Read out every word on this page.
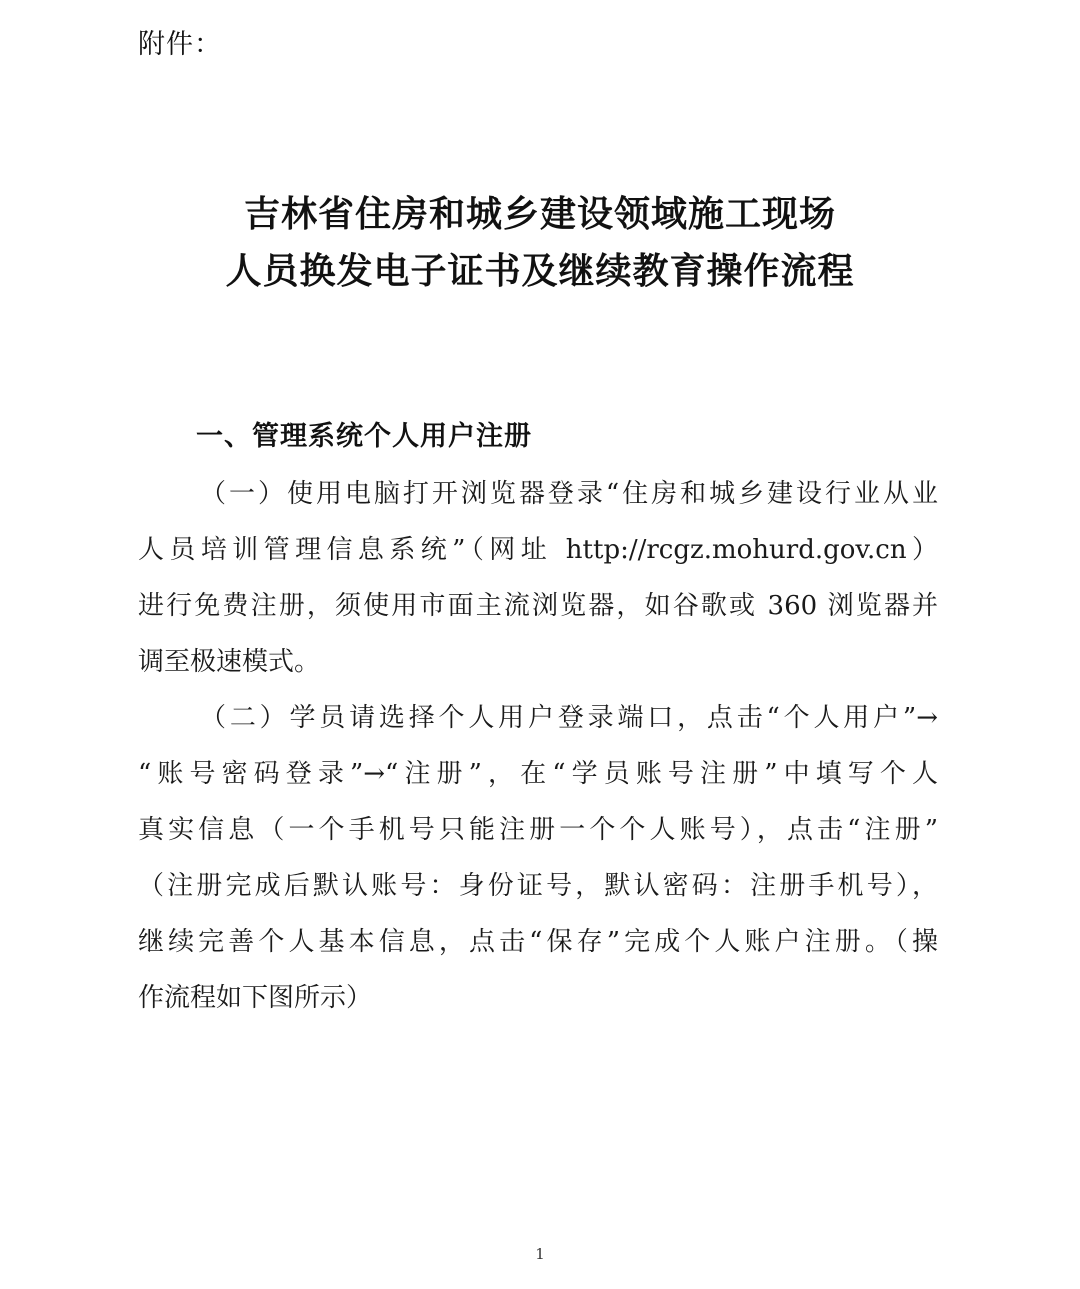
附件：
吉林省住房和城乡建设领域施工现场
人员换发电子证书及继续教育操作流程
一、管理系统个人用户注册
（一）使用电脑打开浏览器登录“住房和城乡建设行业从业
人员培训管理信息系统”（网址 http://rcgz.mohurd.gov.cn）
进行免费注册，须使用市面主流浏览器，如谷歌或 360 浏览器并
调至极速模式。
（二）学员请选择个人用户登录端口，点击“个人用户”→
“账号密码登录”→“注册”，在“学员账号注册”中填写个人
真实信息（一个手机号只能注册一个个人账号），点击“注册”
（注册完成后默认账号：身份证号，默认密码：注册手机号），
继续完善个人基本信息，点击“保存”完成个人账户注册。（操
作流程如下图所示）
1
